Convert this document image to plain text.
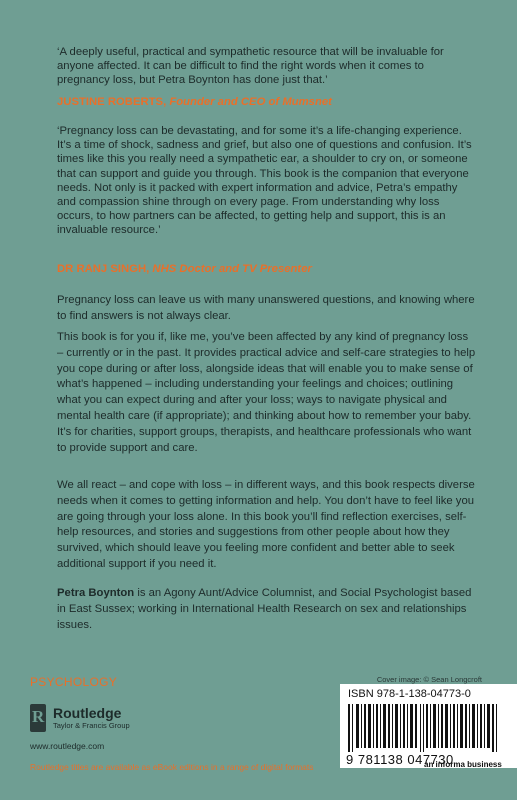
‘A deeply useful, practical and sympathetic resource that will be invaluable for anyone affected. It can be difficult to find the right words when it comes to pregnancy loss, but Petra Boynton has done just that.’

JUSTINE ROBERTS, Founder and CEO of Mumsnet

‘Pregnancy loss can be devastating, and for some it’s a life-changing experience. It’s a time of shock, sadness and grief, but also one of questions and confusion. It’s times like this you really need a sympathetic ear, a shoulder to cry on, or someone that can support and guide you through. This book is the companion that everyone needs. Not only is it packed with expert information and advice, Petra’s empathy and compassion shine through on every page. From understanding why loss occurs, to how partners can be affected, to getting help and support, this is an invaluable resource.’

DR RANJ SINGH, NHS Doctor and TV Presenter

Pregnancy loss can leave us with many unanswered questions, and knowing where to find answers is not always clear.

This book is for you if, like me, you’ve been affected by any kind of pregnancy loss – currently or in the past. It provides practical advice and self-care strategies to help you cope during or after loss, alongside ideas that will enable you to make sense of what’s happened – including understanding your feelings and choices; outlining what you can expect during and after your loss; ways to navigate physical and mental health care (if appropriate); and thinking about how to remember your baby. It’s for charities, support groups, therapists, and healthcare professionals who want to provide support and care.

We all react – and cope with loss – in different ways, and this book respects diverse needs when it comes to getting information and help. You don’t have to feel like you are going through your loss alone. In this book you’ll find reflection exercises, self-help resources, and stories and suggestions from other people about how they survived, which should leave you feeling more confident and better able to seek additional support if you need it.

Petra Boynton is an Agony Aunt/Advice Columnist, and Social Psychologist based in East Sussex; working in International Health Research on sex and relationships issues.

Cover image: © Sean Longcroft
PSYCHOLOGY
R
Routledge
Taylor & Francis Group
www.routledge.com
Routledge titles are available as eBook editions in a range of digital formats
ISBN 978-1-138-04773-0
9 781138 047730
an informa business
